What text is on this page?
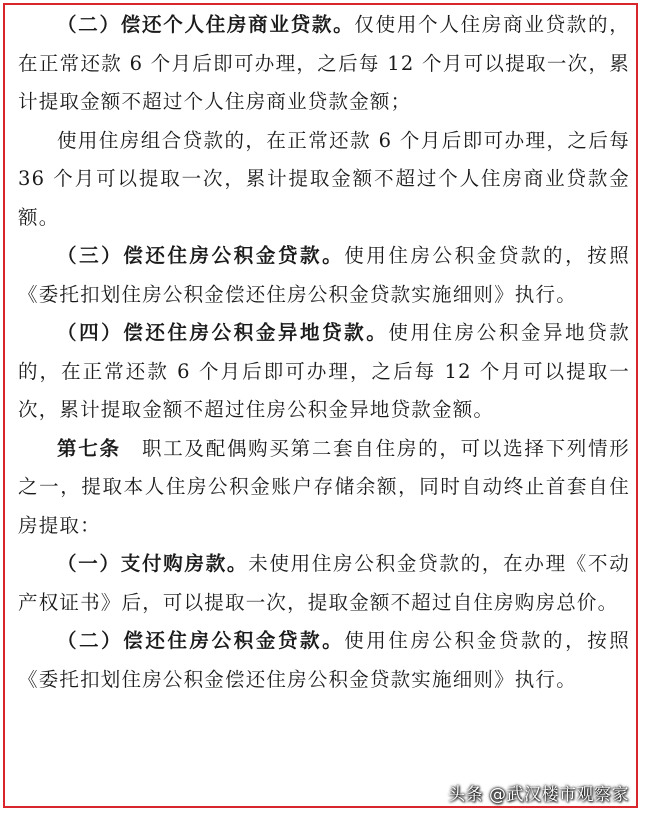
（二）偿还个人住房商业贷款。仅使用个人住房商业贷款的，在正常还款 6 个月后即可办理，之后每 12 个月可以提取一次，累计提取金额不超过个人住房商业贷款金额；

使用住房组合贷款的，在正常还款 6 个月后即可办理，之后每 36 个月可以提取一次，累计提取金额不超过个人住房商业贷款金额。

（三）偿还住房公积金贷款。使用住房公积金贷款的，按照《委托扣划住房公积金偿还住房公积金贷款实施细则》执行。

（四）偿还住房公积金异地贷款。使用住房公积金异地贷款的，在正常还款 6 个月后即可办理，之后每 12 个月可以提取一次，累计提取金额不超过住房公积金异地贷款金额。

第七条　职工及配偶购买第二套自住房的，可以选择下列情形之一，提取本人住房公积金账户存储余额，同时自动终止首套自住房提取：

（一）支付购房款。未使用住房公积金贷款的，在办理《不动产权证书》后，可以提取一次，提取金额不超过自住房购房总价。

（二）偿还住房公积金贷款。使用住房公积金贷款的，按照《委托扣划住房公积金偿还住房公积金贷款实施细则》执行。

头条 @武汉楼市观察家
